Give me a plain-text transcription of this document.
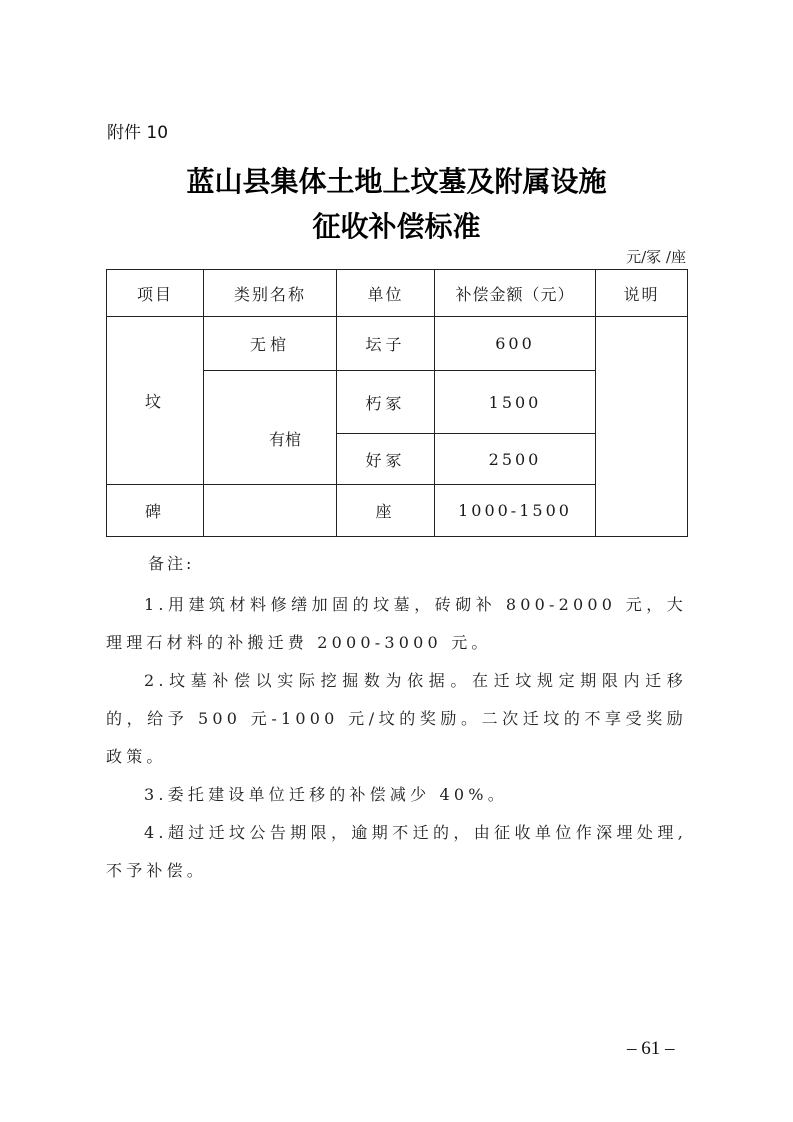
附件 10
蓝山县集体土地上坟墓及附属设施
征收补偿标准
元/冢 /座
项目	类别名称	单位	补偿金额（元）	说明
坟	无棺	坛子	600	
	有棺	朽冢	1500	
		好冢	2500	
碑		座	1000-1500	
备注:

1.用建筑材料修缮加固的坟墓，砖砌补 800-2000 元，大理理石材料的补搬迁费 2000-3000 元。

2.坟墓补偿以实际挖掘数为依据。在迁坟规定期限内迁移的，给予 500 元-1000 元/坟的奖励。二次迁坟的不享受奖励政策。

3.委托建设单位迁移的补偿减少 40%。

4.超过迁坟公告期限，逾期不迁的，由征收单位作深埋处理,不予补偿。

– 61 –
